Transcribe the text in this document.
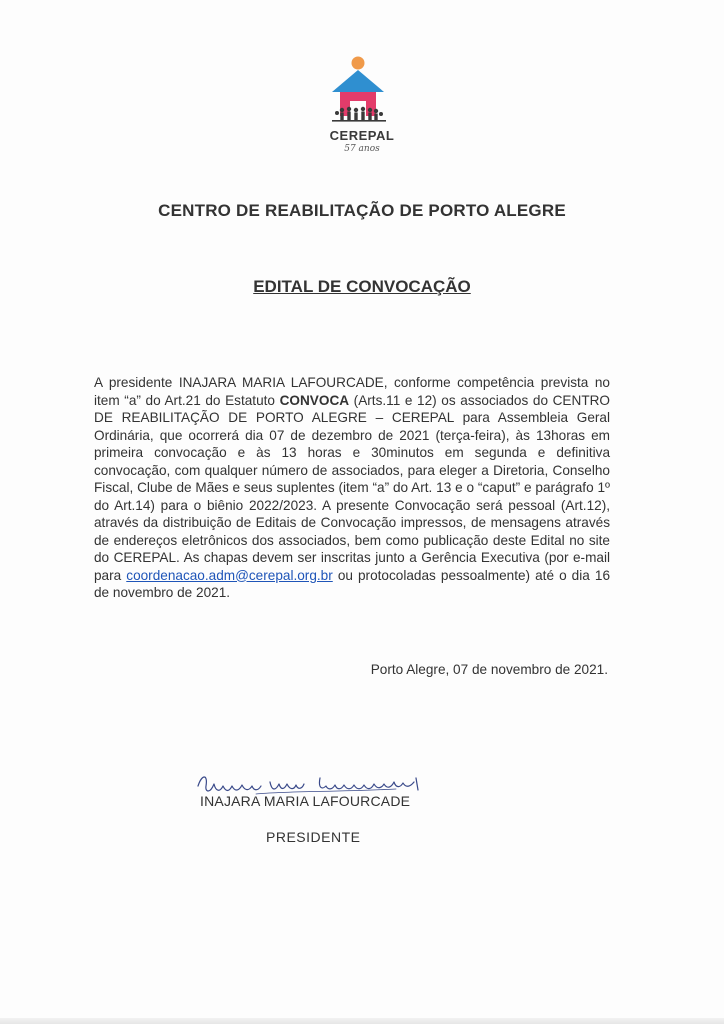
CEREPAL
57 anos
CENTRO DE REABILITAÇÃO DE PORTO ALEGRE
EDITAL DE CONVOCAÇÃO
A presidente INAJARA MARIA LAFOURCADE, conforme competência prevista no item “a” do Art.21 do Estatuto CONVOCA (Arts.11 e 12) os associados do CENTRO DE REABILITAÇÃO DE PORTO ALEGRE – CEREPAL para Assembleia Geral Ordinária, que ocorrerá dia 07 de dezembro de 2021 (terça-feira), às 13horas em primeira convocação e às 13 horas e 30minutos em segunda e definitiva convocação, com qualquer número de associados, para eleger a Diretoria, Conselho Fiscal, Clube de Mães e seus suplentes (item “a” do Art. 13 e o “caput” e parágrafo 1º do Art.14) para o biênio 2022/2023. A presente Convocação será pessoal (Art.12), através da distribuição de Editais de Convocação impressos, de mensagens através de endereços eletrônicos dos associados, bem como publicação deste Edital no site do CEREPAL. As chapas devem ser inscritas junto a Gerência Executiva (por e-mail para coordenacao.adm@cerepal.org.br ou protocoladas pessoalmente) até o dia 16 de novembro de 2021.
Porto Alegre, 07 de novembro de 2021.
INAJARA MARIA LAFOURCADE
PRESIDENTE
